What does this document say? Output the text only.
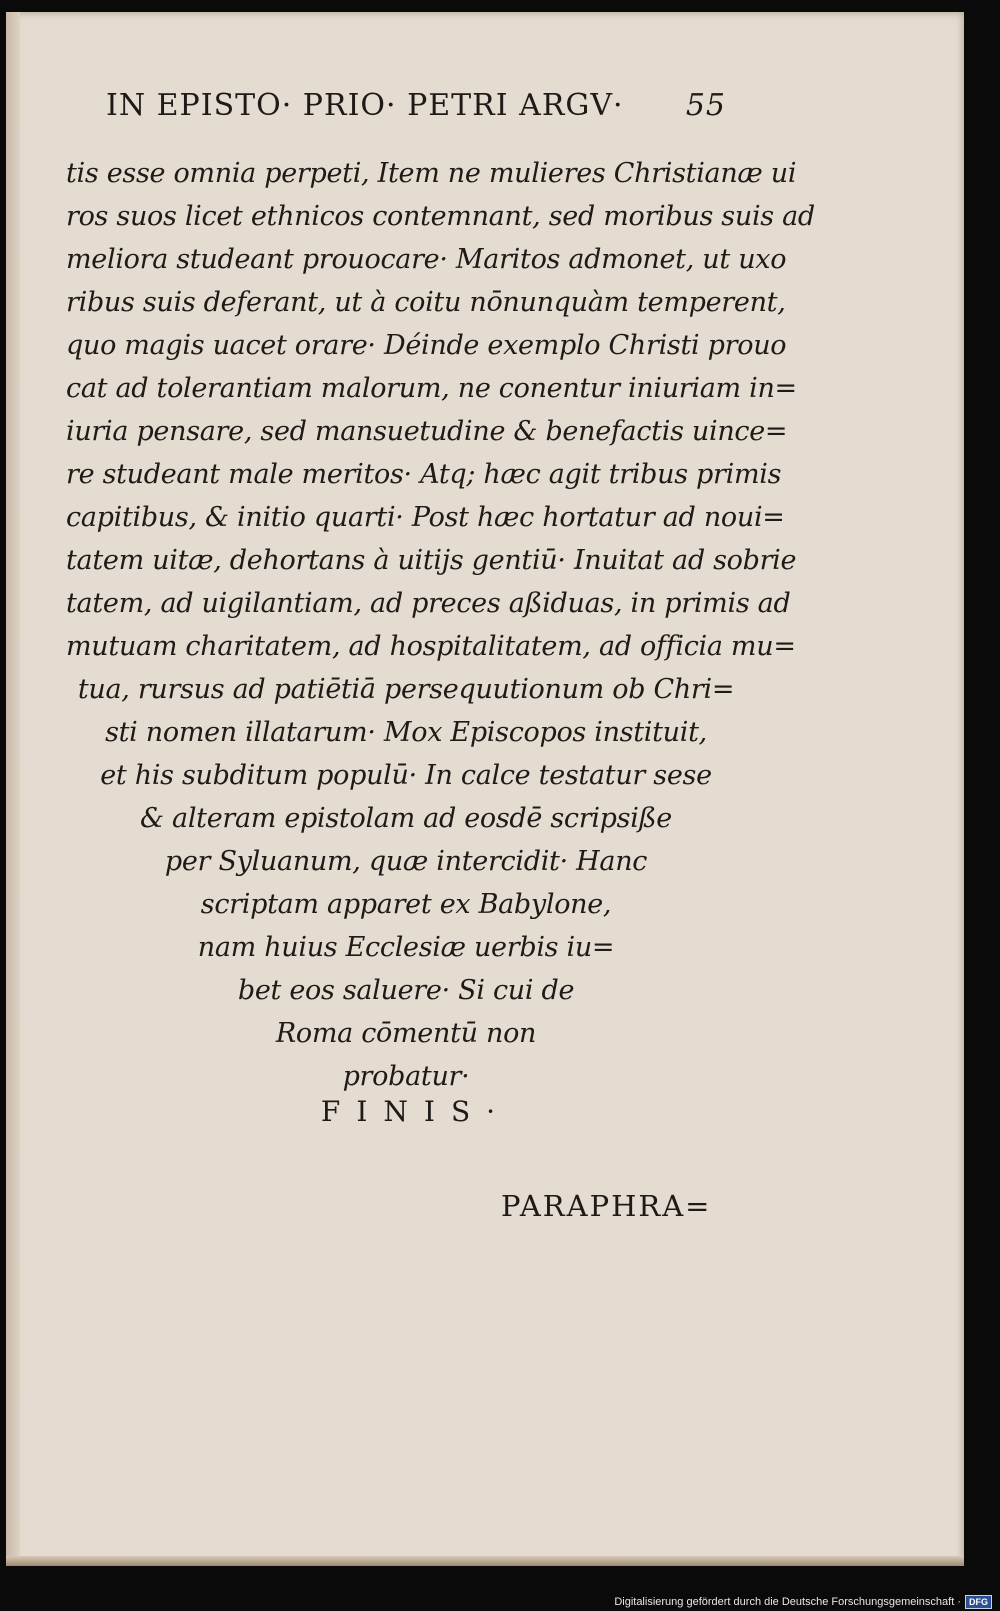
IN EPISTO· PRIO· PETRI ARGV· 55
tis esse omnia perpeti, Item ne mulieres Christianæ ui
ros suos licet ethnicos contemnant, sed moribus suis ad
meliora studeant prouocare· Maritos admonet, ut uxo
ribus suis deferant, ut à coitu nōnunquàm temperent,
quo magis uacet orare· Déinde exemplo Christi prouo
cat ad tolerantiam malorum, ne conentur iniuriam in=
iuria pensare, sed mansuetudine & benefactis uince=
re studeant male meritos· Atq; hæc agit tribus primis
capitibus, & initio quarti· Post hæc hortatur ad noui=
tatem uitæ, dehortans à uitijs gentiū· Inuitat ad sobrie
tatem, ad uigilantiam, ad preces aßiduas, in primis ad
mutuam charitatem, ad hospitalitatem, ad officia mu=
tua, rursus ad patiētiā persequutionum ob Chri=
sti nomen illatarum· Mox Episcopos instituit,
et his subditum populū· In calce testatur sese
& alteram epistolam ad eosdē scripsiße
per Syluanum, quæ intercidit· Hanc
scriptam apparet ex Babylone,
nam huius Ecclesiæ uerbis iu=
bet eos saluere· Si cui de
Roma cōmentū non
probatur·
FINIS·
PARAPHRA=
Digitalisierung gefördert durch die Deutsche Forschungsgemeinschaft · DFG
